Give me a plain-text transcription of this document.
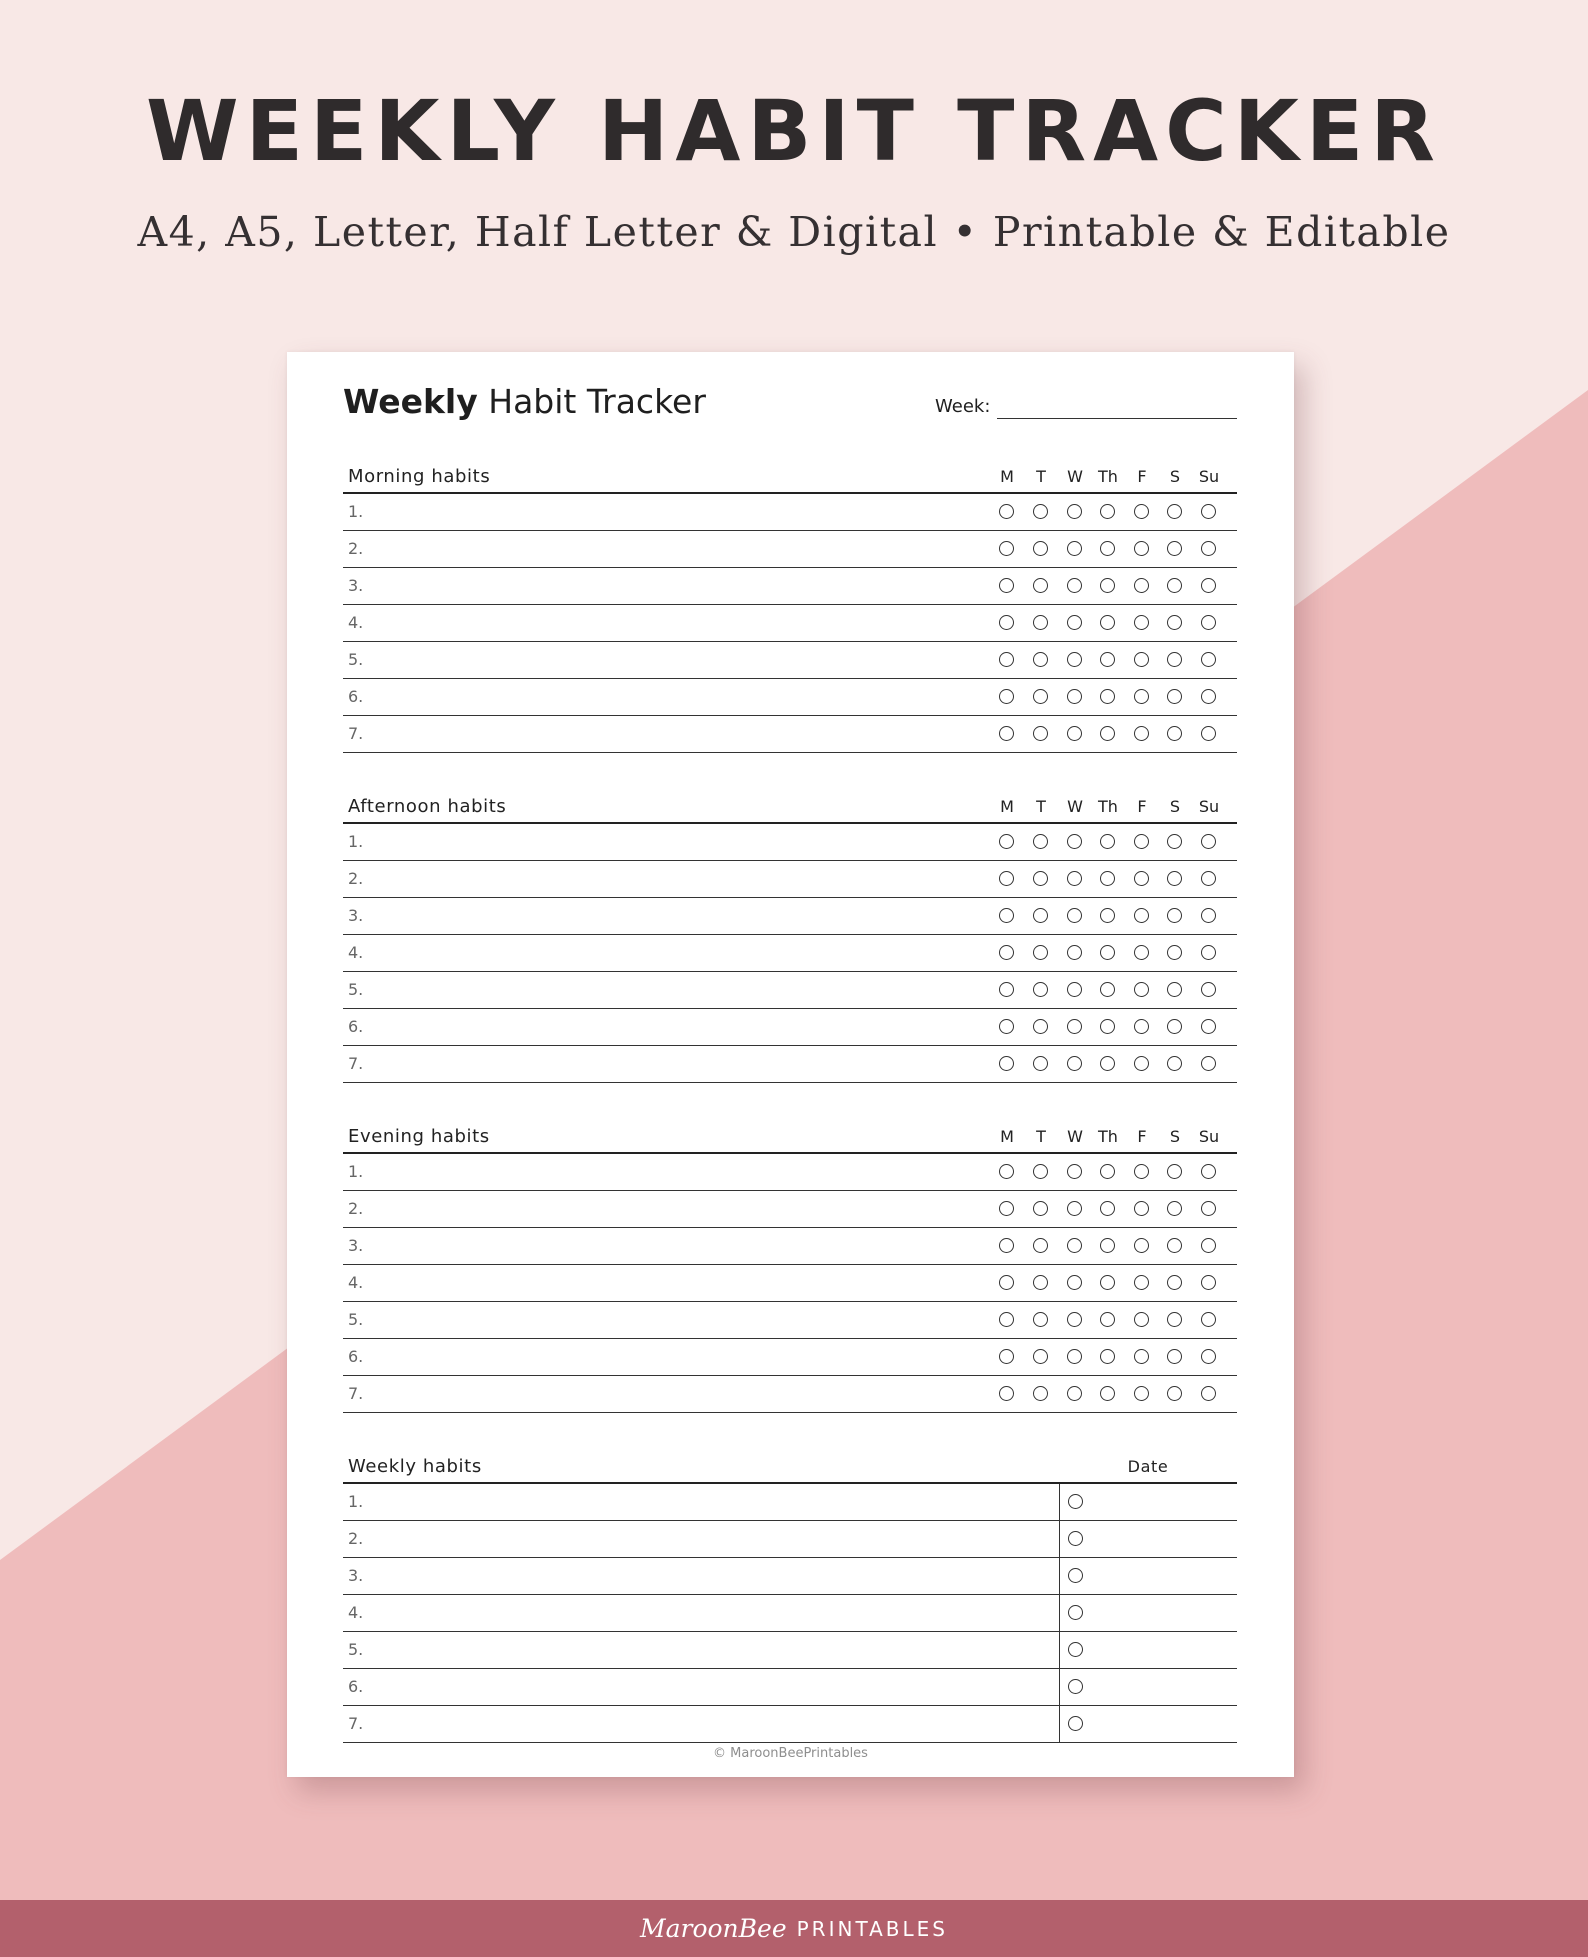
WEEKLY HABIT TRACKER
A4, A5, Letter, Half Letter & Digital • Printable & Editable
Weekly Habit Tracker	Week:
Morning habits	M	T	W Th	F	S	Su
1.
2.
3.
4.
5.
6.
7.
Afternoon habits	M	T	W Th	F	S	Su
1.
2.
3.
4.
5.
6.
7.
Evening habits	M	T	W Th	F	S	Su
1.
2.
3.
4.
5.
6.
7.
Weekly habits	Date
1.
2.
3.
4.
5.
6.
7.
© MaroonBeePrintables
MaroonBee PRINTABLES
